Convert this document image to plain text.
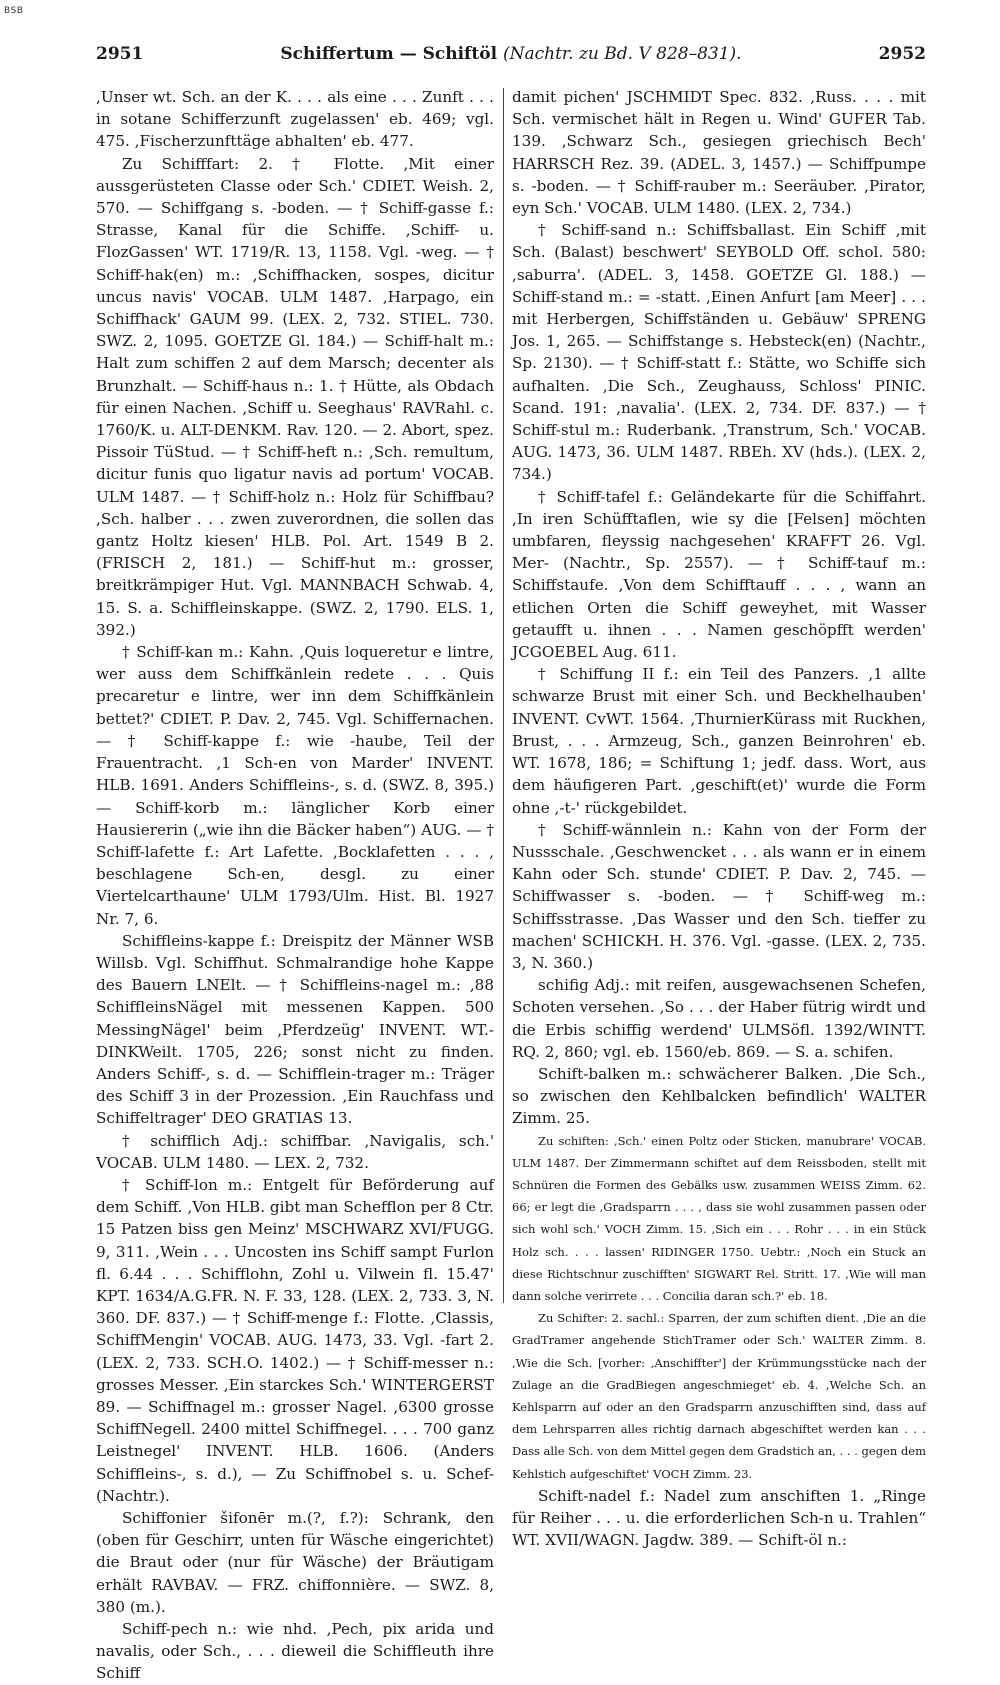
BSB
2951	Schiffertum — Schiftöl (Nachtr. zu Bd. V 828–831).	2952

,Unser wt. Sch. an der K. . . . als eine . . . Zunft . . . in sotane Schifferzunft zugelassen' eb. 469; vgl. 475. ,Fischerzunfttäge abhalten' eb. 477.

Zu Schifffart: 2. † Flotte. ,Mit einer aussgerüsteten Classe oder Sch.' CDIET. Weish. 2, 570. — Schiffgang s. -boden. — † Schiff-gasse f.: Strasse, Kanal für die Schiffe. ,Schiff- u. FlozGassen' WT. 1719/R. 13, 1158. Vgl. -weg. — † Schiff-hak(en) m.: ,Schiffhacken, sospes, dicitur uncus navis' VOCAB. ULM 1487. ,Harpago, ein Schiffhack' GAUM 99. (LEX. 2, 732. STIEL. 730. SWZ. 2, 1095. GOETZE Gl. 184.) — Schiff-halt m.: Halt zum schiffen 2 auf dem Marsch; decenter als Brunzhalt. — Schiff-haus n.: 1. † Hütte, als Obdach für einen Nachen. ,Schiff u. Seeghaus' RAVRahl. c. 1760/K. u. ALT-DENKM. Rav. 120. — 2. Abort, spez. Pissoir TüStud. — † Schiff-heft n.: ,Sch. remultum, dicitur funis quo ligatur navis ad portum' VOCAB. ULM 1487. — † Schiff-holz n.: Holz für Schiffbau? ,Sch. halber . . . zwen zuverordnen, die sollen das gantz Holtz kiesen' HLB. Pol. Art. 1549 B 2. (FRISCH 2, 181.) — Schiff-hut m.: grosser, breitkrämpiger Hut. Vgl. MANNBACH Schwab. 4, 15. S. a. Schiffleinskappe. (SWZ. 2, 1790. ELS. 1, 392.)

† Schiff-kan m.: Kahn. ,Quis loqueretur e lintre, wer auss dem Schiffkänlein redete . . . Quis precaretur e lintre, wer inn dem Schiffkänlein bettet?' CDIET. P. Dav. 2, 745. Vgl. Schiffernachen. — † Schiff-kappe f.: wie -haube, Teil der Frauentracht. ,1 Sch-en von Marder' INVENT. HLB. 1691. Anders Schiffleins-, s. d. (SWZ. 8, 395.) — Schiff-korb m.: länglicher Korb einer Hausiererin („wie ihn die Bäcker haben“) AUG. — † Schiff-lafette f.: Art Lafette. ,Bocklafetten . . . , beschlagene Sch-en, desgl. zu einer Viertelcarthaune' ULM 1793/Ulm. Hist. Bl. 1927 Nr. 7, 6.

Schiffleins-kappe f.: Dreispitz der Männer WSB Willsb. Vgl. Schiffhut. Schmalrandige hohe Kappe des Bauern LNElt. — † Schiffleins-nagel m.: ,88 SchiffleinsNägel mit messenen Kappen. 500 MessingNägel' beim ,Pferdzeüg' INVENT. WT.-DINKWeilt. 1705, 226; sonst nicht zu finden. Anders Schiff-, s. d. — Schifflein-trager m.: Träger des Schiff 3 in der Prozession. ,Ein Rauchfass und Schiffeltrager' DEO GRATIAS 13.

† schifflich Adj.: schiffbar. ,Navigalis, sch.' VOCAB. ULM 1480. — LEX. 2, 732.

† Schiff-lon m.: Entgelt für Beförderung auf dem Schiff. ,Von HLB. gibt man Schefflon per 8 Ctr. 15 Patzen biss gen Meinz' MSCHWARZ XVI/FUGG. 9, 311. ,Wein . . . Uncosten ins Schiff sampt Furlon fl. 6.44 . . . Schifflohn, Zohl u. Vilwein fl. 15.47' KPT. 1634/A.G.FR. N. F. 33, 128. (LEX. 2, 733. 3, N. 360. DF. 837.) — † Schiff-menge f.: Flotte. ,Classis, SchiffMengin' VOCAB. AUG. 1473, 33. Vgl. -fart 2. (LEX. 2, 733. SCH.O. 1402.) — † Schiff-messer n.: grosses Messer. ,Ein starckes Sch.' WINTERGERST 89. — Schiffnagel m.: grosser Nagel. ,6300 grosse SchiffNegell. 2400 mittel Schiffnegel. . . . 700 ganz Leistnegel' INVENT. HLB. 1606. (Anders Schiffleins-, s. d.), — Zu Schiffnobel s. u. Schef- (Nachtr.).

Schiffonier šifonēr m.(?, f.?): Schrank, den (oben für Geschirr, unten für Wäsche eingerichtet) die Braut oder (nur für Wäsche) der Bräutigam erhält RAVBAV. — FRZ. chiffonnière. — SWZ. 8, 380 (m.).

Schiff-pech n.: wie nhd. ,Pech, pix arida und navalis, oder Sch., . . . dieweil die Schiffleuth ihre Schiff

damit pichen' JSCHMIDT Spec. 832. ,Russ. . . . mit Sch. vermischet hält in Regen u. Wind' GUFER Tab. 139. ,Schwarz Sch., gesiegen griechisch Bech' HARRSCH Rez. 39. (ADEL. 3, 1457.) — Schiffpumpe s. -boden. — † Schiff-rauber m.: Seeräuber. ,Pirator, eyn Sch.' VOCAB. ULM 1480. (LEX. 2, 734.)

† Schiff-sand n.: Schiffsballast. Ein Schiff ,mit Sch. (Balast) beschwert' SEYBOLD Off. schol. 580: ,saburra'. (ADEL. 3, 1458. GOETZE Gl. 188.) — Schiff-stand m.: = -statt. ,Einen Anfurt [am Meer] . . . mit Herbergen, Schiffständen u. Gebäuw' SPRENG Jos. 1, 265. — Schiffstange s. Hebsteck(en) (Nachtr., Sp. 2130). — † Schiff-statt f.: Stätte, wo Schiffe sich aufhalten. ,Die Sch., Zeughauss, Schloss' PINIC. Scand. 191: ,navalia'. (LEX. 2, 734. DF. 837.) — † Schiff-stul m.: Ruderbank. ,Transtrum, Sch.' VOCAB. AUG. 1473, 36. ULM 1487. RBEh. XV (hds.). (LEX. 2, 734.)

† Schiff-tafel f.: Geländekarte für die Schiffahrt. ,In iren Schüfftaflen, wie sy die [Felsen] möchten umbfaren, fleyssig nachgesehen' KRAFFT 26. Vgl. Mer- (Nachtr., Sp. 2557). — † Schiff-tauf m.: Schiffstaufe. ,Von dem Schifftauff . . . , wann an etlichen Orten die Schiff geweyhet, mit Wasser getaufft u. ihnen . . . Namen geschöpfft werden' JCGOEBEL Aug. 611.

† Schiffung II f.: ein Teil des Panzers. ,1 allte schwarze Brust mit einer Sch. und Beckhelhauben' INVENT. CvWT. 1564. ,ThurnierKürass mit Ruckhen, Brust, . . . Armzeug, Sch., ganzen Beinrohren' eb. WT. 1678, 186; = Schiftung 1; jedf. dass. Wort, aus dem häufigeren Part. ,geschift(et)' wurde die Form ohne ,-t-' rückgebildet.

† Schiff-wännlein n.: Kahn von der Form der Nussschale. ,Geschwencket . . . als wann er in einem Kahn oder Sch. stunde' CDIET. P. Dav. 2, 745. — Schiffwasser s. -boden. — † Schiff-weg m.: Schiffsstrasse. ,Das Wasser und den Sch. tieffer zu machen' SCHICKH. H. 376. Vgl. -gasse. (LEX. 2, 735. 3, N. 360.)

schifig Adj.: mit reifen, ausgewachsenen Schefen, Schoten versehen. ,So . . . der Haber fütrig wirdt und die Erbis schiffig werdend' ULMSöfl. 1392/WINTT. RQ. 2, 860; vgl. eb. 1560/eb. 869. — S. a. schifen.

Schift-balken m.: schwächerer Balken. ,Die Sch., so zwischen den Kehlbalcken befindlich' WALTER Zimm. 25.

Zu schiften: ,Sch.' einen Poltz oder Sticken, manubrare' VOCAB. ULM 1487. Der Zimmermann schiftet auf dem Reissboden, stellt mit Schnüren die Formen des Gebälks usw. zusammen WEISS Zimm. 62. 66; er legt die ,Gradsparrn . . . , dass sie wohl zusammen passen oder sich wohl sch.' VOCH Zimm. 15. ,Sich ein . . . Rohr . . . in ein Stück Holz sch. . . . lassen' RIDINGER 1750. Uebtr.: ,Noch ein Stuck an diese Richtschnur zuschifften' SIGWART Rel. Stritt. 17. ,Wie will man dann solche verirrete . . . Concilia daran sch.?' eb. 18.

Zu Schifter: 2. sachl.: Sparren, der zum schiften dient. ,Die an die GradTramer angehende StichTramer oder Sch.' WALTER Zimm. 8. ,Wie die Sch. [vorher: ,Anschiffter'] der Krümmungsstücke nach der Zulage an die GradBiegen angeschmieget' eb. 4. ,Welche Sch. an Kehlsparrn auf oder an den Gradsparrn anzuschifften sind, dass auf dem Lehrsparren alles richtig darnach abgeschiftet werden kan . . . Dass alle Sch. von dem Mittel gegen dem Gradstich an, . . . gegen dem Kehlstich aufgeschiftet' VOCH Zimm. 23.

Schift-nadel f.: Nadel zum anschiften 1. „Ringe für Reiher . . . u. die erforderlichen Sch-n u. Trahlen“ WT. XVII/WAGN. Jagdw. 389. — Schift-öl n.:
